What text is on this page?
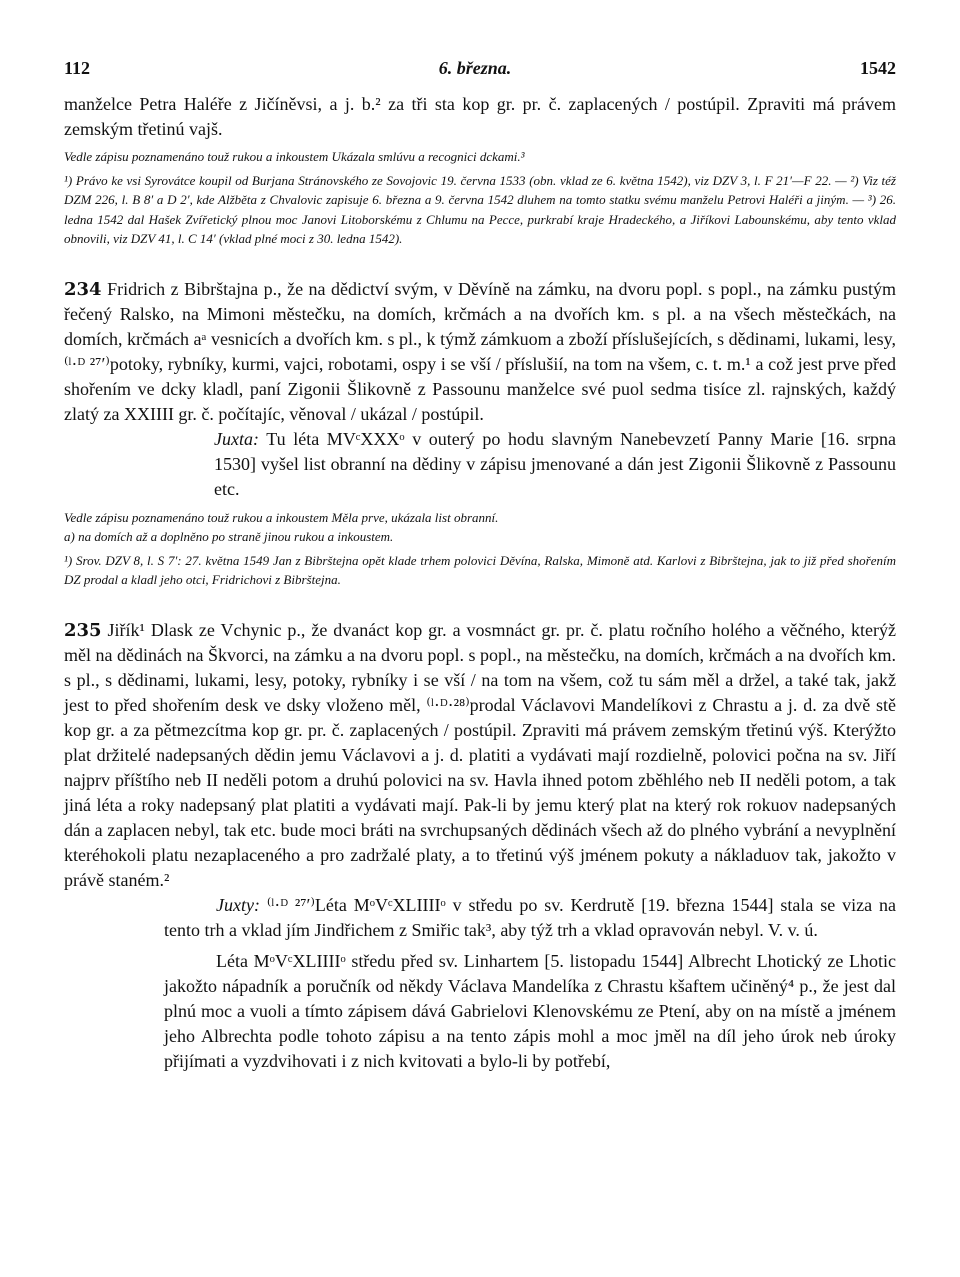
112	6. března.	1542

manželce Petra Haléře z Jičíněvsi, a j. b.² za tři sta kop gr. pr. č. zaplacených / postúpil. Zpraviti má právem zemským třetinú vajš.

Vedle zápisu poznamenáno touž rukou a inkoustem Ukázala smlúvu a recognici dckami.³

¹) Právo ke vsi Syrovátce koupil od Burjana Stránovského ze Sovojovic 19. června 1533 (obn. vklad ze 6. května 1542), viz DZV 3, l. F 21′—F 22. — ²) Viz též DZM 226, l. B 8′ a D 2′, kde Alžběta z Chvalovic zapisuje 6. března a 9. června 1542 dluhem na tomto statku svému manželu Petrovi Haléři a jiným. — ³) 26. ledna 1542 dal Hašek Zvířetický plnou moc Janovi Litoborskému z Chlumu na Pecce, purkrabí kraje Hradeckého, a Jiříkovi Labounskému, aby tento vklad obnovili, viz DZV 41, l. C 14′ (vklad plné moci z 30. ledna 1542).

234 Fridrich z Bibrštajna p., že na dědictví svým, v Děvíně na zámku, na dvoru popl. s popl., na zámku pustým řečený Ralsko, na Mimoni městečku, na domích, krčmách a na dvořích km. s pl. a na všech městečkách, na domích, krčmách aᵃ vesnicích a dvořích km. s pl., k týmž zámkuom a zboží příslušejících, s dědinami, lukami, lesy, ⁽ˡ·ᴰ ²⁷′⁾potoky, rybníky, kurmi, vajci, robotami, ospy i se vší / příslušií, na tom na všem, c. t. m.¹ a což jest prve před shořením ve dcky kladl, paní Zigonii Šlikovně z Passounu manželce své puol sedma tisíce zl. rajnských, každý zlatý za XXIIII gr. č. počítajíc, věnoval / ukázal / postúpil.

Juxta: Tu léta MVᶜXXXᵒ v outerý po hodu slavným Nanebevzetí Panny Marie [16. srpna 1530] vyšel list obranní na dědiny v zápisu jmenované a dán jest Zigonii Šlikovně z Passounu etc.

Vedle zápisu poznamenáno touž rukou a inkoustem Měla prve, ukázala list obranní.

a) na domích až a doplněno po straně jinou rukou a inkoustem.

¹) Srov. DZV 8, l. S 7′: 27. května 1549 Jan z Bibrštejna opět klade trhem polovici Děvína, Ralska, Mimoně atd. Karlovi z Bibrštejna, jak to již před shořením DZ prodal a kladl jeho otci, Fridrichovi z Bibrštejna.

235 Jiřík¹ Dlask ze Vchynic p., že dvanáct kop gr. a vosmnáct gr. pr. č. platu ročního holého a věčného, kterýž měl na dědinách na Škvorci, na zámku a na dvoru popl. s popl., na městečku, na domích, krčmách a na dvořích km. s pl., s dědinami, lukami, lesy, potoky, rybníky i se vší / na tom na všem, což tu sám měl a držel, a také tak, jakž jest to před shořením desk ve dsky vloženo měl, ⁽ˡ·ᴰ·²⁸⁾prodal Václavovi Mandelíkovi z Chrastu a j. d. za dvě stě kop gr. a za pětmezcítma kop gr. pr. č. zaplacených / postúpil. Zpraviti má právem zemským třetinú výš. Kterýžto plat držitelé nadepsaných dědin jemu Václavovi a j. d. platiti a vydávati mají rozdielně, polovici počna na sv. Jiří najprv příštího neb II neděli potom a druhú polovici na sv. Havla ihned potom zběhlého neb II neděli potom, a tak jiná léta a roky nadepsaný plat platiti a vydávati mají. Pak-li by jemu který plat na který rok rokuov nadepsaných dán a zaplacen nebyl, tak etc. bude moci bráti na svrchupsaných dědinách všech až do plného vybrání a nevyplnění kteréhokoli platu nezaplaceného a pro zadržalé platy, a to třetinú výš jménem pokuty a nákladuov tak, jakožto v právě staném.²

Juxty: ⁽ˡ·ᴰ ²⁷′⁾Léta MᵒVᶜXLIIIIᵒ v středu po sv. Kerdrutě [19. března 1544] stala se viza na tento trh a vklad jím Jindřichem z Smiřic tak³, aby týž trh a vklad opravován nebyl. V. v. ú.

Léta MᵒVᶜXLIIIIᵒ středu před sv. Linhartem [5. listopadu 1544] Albrecht Lhotický ze Lhotic jakožto nápadník a poručník od někdy Václava Mandelíka z Chrastu kšaftem učiněný⁴ p., že jest dal plnú moc a vuoli a tímto zápisem dává Gabrielovi Klenovskému ze Ptení, aby on na místě a jménem jeho Albrechta podle tohoto zápisu a na tento zápis mohl a moc jměl na díl jeho úrok neb úroky přijímati a vyzdvihovati i z nich kvitovati a bylo-li by potřebí,
